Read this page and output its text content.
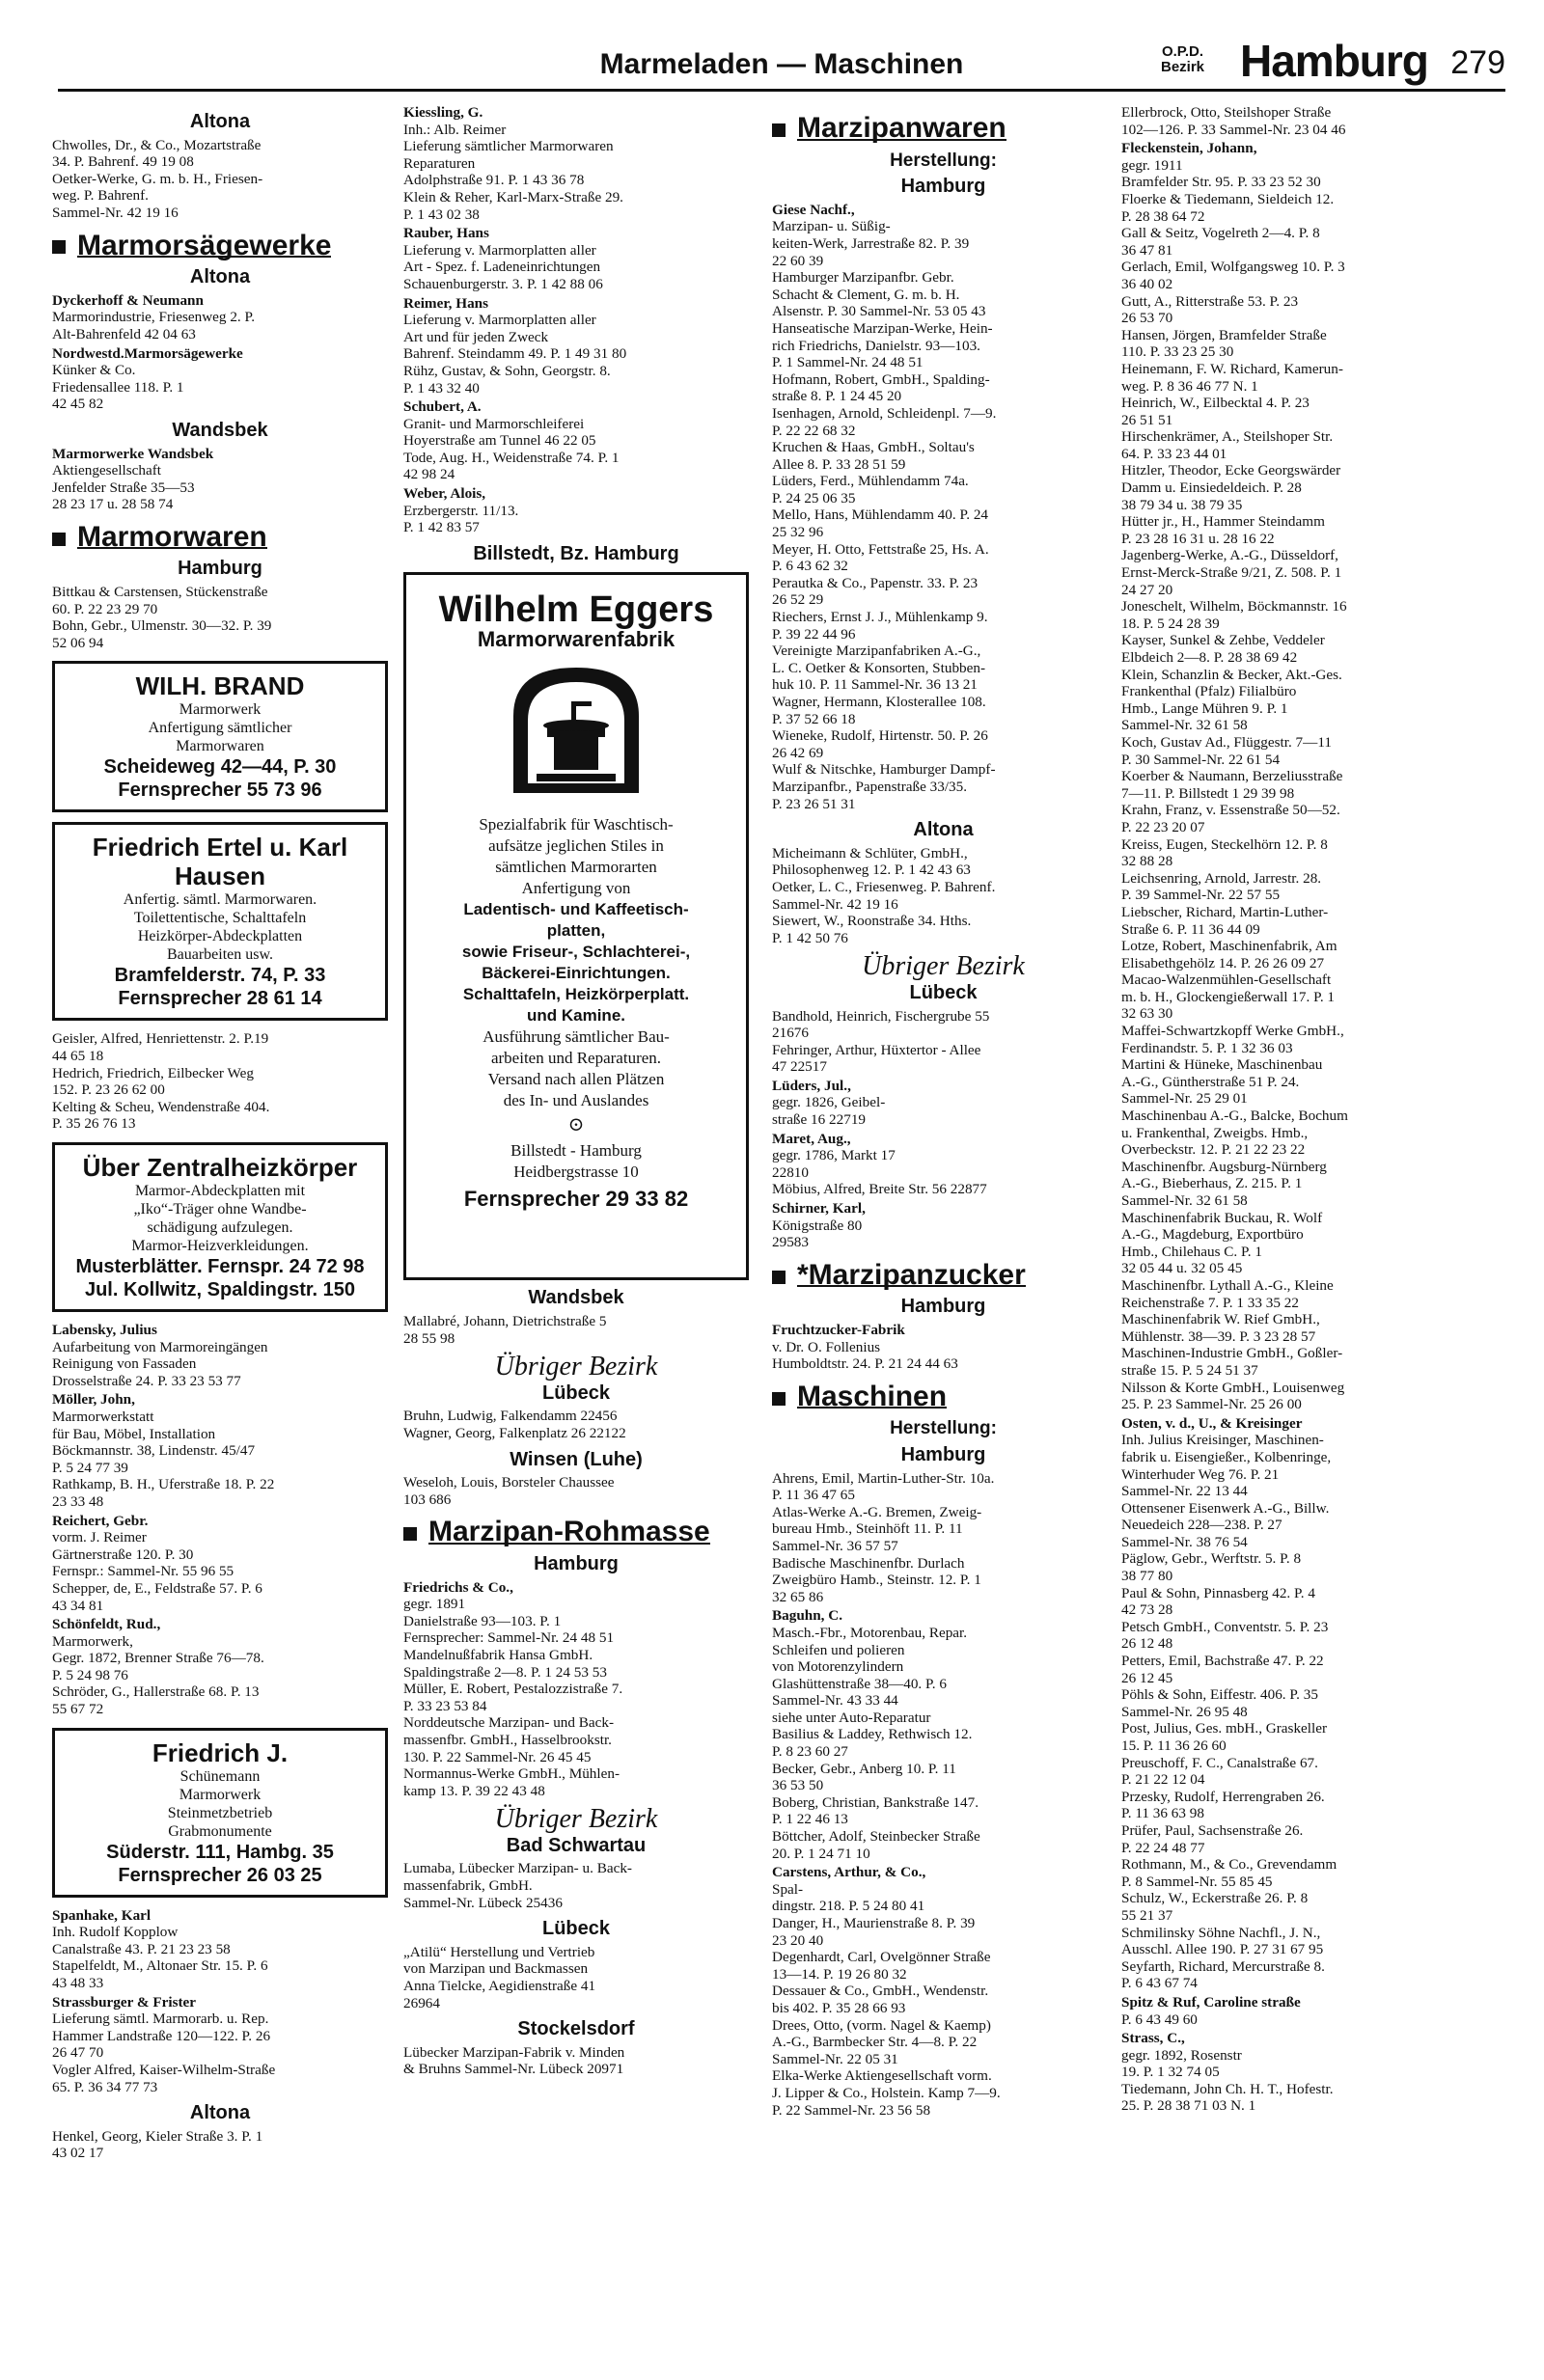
Marmeladen — Maschinen	O.P.D.
Bezirk Hamburg 279
Altona
Chwolles, Dr., & Co., Mozartstraße
34. P. Bahrenf. 49 19 08
Oetker-Werke, G. m. b. H., Friesen-
weg. P. Bahrenf.
Sammel-Nr. 42 19 16
Marmorsägewerke
Altona
Dyckerhoff & Neumann
Marmorindustrie, Friesenweg 2. P.
Alt-Bahrenfeld 42 04 63
Nordwestd.Marmorsägewerke
Künker & Co.
Friedensallee 118. P. 1
42 45 82
Wandsbek
Marmorwerke Wandsbek
Aktiengesellschaft
Jenfelder Straße 35—53
28 23 17 u. 28 58 74
Marmorwaren
Hamburg
Bittkau & Carstensen, Stückenstraße
60. P. 22 23 29 70
Bohn, Gebr., Ulmenstr. 30—32. P. 39
52 06 94
WILH. BRAND
Marmorwerk
Anfertigung sämtlicher
Marmorwaren
Scheideweg 42—44, P. 30
Fernsprecher 55 73 96
Friedrich Ertel u. Karl Hausen
Anfertig. sämtl. Marmorwaren.
Toilettentische, Schalttafeln
Heizkörper-Abdeckplatten
Bauarbeiten usw.
Bramfelderstr. 74, P. 33
Fernsprecher 28 61 14
Geisler, Alfred, Henriettenstr. 2. P.19
44 65 18
Hedrich, Friedrich, Eilbecker Weg
152. P. 23 26 62 00
Kelting & Scheu, Wendenstraße 404.
P. 35 26 76 13
Über Zentralheizkörper
Marmor-Abdeckplatten mit
„Iko“-Träger ohne Wandbe-
schädigung aufzulegen.
Marmor-Heizverkleidungen.
Musterblätter. Fernspr. 24 72 98
Jul. Kollwitz, Spaldingstr. 150
Labensky, Julius
Aufarbeitung von Marmoreingängen
Reinigung von Fassaden
Drosselstraße 24. P. 33 23 53 77
Möller, John,
Marmorwerkstatt
für Bau, Möbel, Installation
Böckmannstr. 38, Lindenstr. 45/47
P. 5 24 77 39
Rathkamp, B. H., Uferstraße 18. P. 22
23 33 48
Reichert, Gebr.
vorm. J. Reimer
Gärtnerstraße 120. P. 30
Fernspr.: Sammel-Nr. 55 96 55
Schepper, de, E., Feldstraße 57. P. 6
43 34 81
Schönfeldt, Rud.,
Marmorwerk,
Gegr. 1872, Brenner Straße 76—78.
P. 5 24 98 76
Schröder, G., Hallerstraße 68. P. 13
55 67 72
Friedrich J.
Schünemann
Marmorwerk
Steinmetzbetrieb
Grabmonumente
Süderstr. 111, Hambg. 35
Fernsprecher 26 03 25
Spanhake, Karl
Inh. Rudolf Kopplow
Canalstraße 43. P. 21 23 23 58
Stapelfeldt, M., Altonaer Str. 15. P. 6
43 48 33
Strassburger & Frister
Lieferung sämtl. Marmorarb. u. Rep.
Hammer Landstraße 120—122. P. 26
26 47 70
Vogler Alfred, Kaiser-Wilhelm-Straße
65. P. 36 34 77 73
Altona
Henkel, Georg, Kieler Straße 3. P. 1
43 02 17
Kiessling, G.
Inh.: Alb. Reimer
Lieferung sämtlicher Marmorwaren
Reparaturen
Adolphstraße 91. P. 1 43 36 78
Klein & Reher, Karl-Marx-Straße 29.
P. 1 43 02 38
Rauber, Hans
Lieferung v. Marmorplatten aller
Art - Spez. f. Ladeneinrichtungen
Schauenburgerstr. 3. P. 1 42 88 06
Reimer, Hans
Lieferung v. Marmorplatten aller
Art und für jeden Zweck
Bahrenf. Steindamm 49. P. 1 49 31 80
Rühz, Gustav, & Sohn, Georgstr. 8.
P. 1 43 32 40
Schubert, A.
Granit- und Marmorschleiferei
Hoyerstraße am Tunnel 46 22 05
Tode, Aug. H., Weidenstraße 74. P. 1
42 98 24
Weber, Alois,
Erzbergerstr. 11/13.
P. 1 42 83 57
Billstedt, Bz. Hamburg
Wilhelm Eggers
Marmorwarenfabrik
Spezialfabrik für Waschtisch-
aufsätze jeglichen Stiles in
sämtlichen Marmorarten
Anfertigung von
Ladentisch- und Kaffeetisch-
platten,
sowie Friseur-, Schlachterei-,
Bäckerei-Einrichtungen.
Schalttafeln, Heizkörperplatt.
und Kamine.
Ausführung sämtlicher Bau-
arbeiten und Reparaturen.
Versand nach allen Plätzen
des In- und Auslandes
⊙
Billstedt - Hamburg
Heidbergstrasse 10
Fernsprecher 29 33 82
Wandsbek
Mallabré, Johann, Dietrichstraße 5
28 55 98
Übriger Bezirk
Lübeck
Bruhn, Ludwig, Falkendamm 22456
Wagner, Georg, Falkenplatz 26 22122
Winsen (Luhe)
Weseloh, Louis, Borsteler Chaussee
103 686
Marzipan-Rohmasse
Hamburg
Friedrichs & Co.,
gegr. 1891
Danielstraße 93—103. P. 1
Fernsprecher: Sammel-Nr. 24 48 51
Mandelnußfabrik Hansa GmbH.
Spaldingstraße 2—8. P. 1 24 53 53
Müller, E. Robert, Pestalozzistraße 7.
P. 33 23 53 84
Norddeutsche Marzipan- und Back-
massenfbr. GmbH., Hasselbrookstr.
130. P. 22 Sammel-Nr. 26 45 45
Normannus-Werke GmbH., Mühlen-
kamp 13. P. 39 22 43 48
Übriger Bezirk
Bad Schwartau
Lumaba, Lübecker Marzipan- u. Back-
massenfabrik, GmbH.
Sammel-Nr. Lübeck 25436
Lübeck
„Atilü“ Herstellung und Vertrieb
von Marzipan und Backmassen
Anna Tielcke, Aegidienstraße 41
26964
Stockelsdorf
Lübecker Marzipan-Fabrik v. Minden
& Bruhns Sammel-Nr. Lübeck 20971
Marzipanwaren
Herstellung:
Hamburg
Giese Nachf.,
Marzipan- u. Süßig-
keiten-Werk, Jarrestraße 82. P. 39
22 60 39
Hamburger Marzipanfbr. Gebr.
Schacht & Clement, G. m. b. H.
Alsenstr. P. 30 Sammel-Nr. 53 05 43
Hanseatische Marzipan-Werke, Hein-
rich Friedrichs, Danielstr. 93—103.
P. 1 Sammel-Nr. 24 48 51
Hofmann, Robert, GmbH., Spalding-
straße 8. P. 1 24 45 20
Isenhagen, Arnold, Schleidenpl. 7—9.
P. 22 22 68 32
Kruchen & Haas, GmbH., Soltau's
Allee 8. P. 33 28 51 59
Lüders, Ferd., Mühlendamm 74a.
P. 24 25 06 35
Mello, Hans, Mühlendamm 40. P. 24
25 32 96
Meyer, H. Otto, Fettstraße 25, Hs. A.
P. 6 43 62 32
Perautka & Co., Papenstr. 33. P. 23
26 52 29
Riechers, Ernst J. J., Mühlenkamp 9.
P. 39 22 44 96
Vereinigte Marzipanfabriken A.-G.,
L. C. Oetker & Konsorten, Stubben-
huk 10. P. 11 Sammel-Nr. 36 13 21
Wagner, Hermann, Klosterallee 108.
P. 37 52 66 18
Wieneke, Rudolf, Hirtenstr. 50. P. 26
26 42 69
Wulf & Nitschke, Hamburger Dampf-
Marzipanfbr., Papenstraße 33/35.
P. 23 26 51 31
Altona
Micheimann & Schlüter, GmbH.,
Philosophenweg 12. P. 1 42 43 63
Oetker, L. C., Friesenweg. P. Bahrenf.
Sammel-Nr. 42 19 16
Siewert, W., Roonstraße 34. Hths.
P. 1 42 50 76
Übriger Bezirk
Lübeck
Bandhold, Heinrich, Fischergrube 55
21676
Fehringer, Arthur, Hüxtertor - Allee
47 22517
Lüders, Jul.,
gegr. 1826, Geibel-
straße 16 22719
Maret, Aug.,
gegr. 1786, Markt 17
22810
Möbius, Alfred, Breite Str. 56 22877
Schirner, Karl,
Königstraße 80
29583
*Marzipanzucker
Hamburg
Fruchtzucker-Fabrik
v. Dr. O. Follenius
Humboldtstr. 24. P. 21 24 44 63
Maschinen
Herstellung:
Hamburg
Ahrens, Emil, Martin-Luther-Str. 10a.
P. 11 36 47 65
Atlas-Werke A.-G. Bremen, Zweig-
bureau Hmb., Steinhöft 11. P. 11
Sammel-Nr. 36 57 57
Badische Maschinenfbr. Durlach
Zweigbüro Hamb., Steinstr. 12. P. 1
32 65 86
Baguhn, C.
Masch.-Fbr., Motorenbau, Repar.
Schleifen und polieren
von Motorenzylindern
Glashüttenstraße 38—40. P. 6
Sammel-Nr. 43 33 44
siehe unter Auto-Reparatur
Basilius & Laddey, Rethwisch 12.
P. 8 23 60 27
Becker, Gebr., Anberg 10. P. 11
36 53 50
Boberg, Christian, Bankstraße 147.
P. 1 22 46 13
Böttcher, Adolf, Steinbecker Straße
20. P. 1 24 71 10
Carstens, Arthur, & Co.,
Spal-
dingstr. 218. P. 5 24 80 41
Danger, H., Maurienstraße 8. P. 39
23 20 40
Degenhardt, Carl, Ovelgönner Straße
13—14. P. 19 26 80 32
Dessauer & Co., GmbH., Wendenstr.
bis 402. P. 35 28 66 93
Drees, Otto, (vorm. Nagel & Kaemp)
A.-G., Barmbecker Str. 4—8. P. 22
Sammel-Nr. 22 05 31
Elka-Werke Aktiengesellschaft vorm.
J. Lipper & Co., Holstein. Kamp 7—9.
P. 22 Sammel-Nr. 23 56 58
Ellerbrock, Otto, Steilshoper Straße
102—126. P. 33 Sammel-Nr. 23 04 46
Fleckenstein, Johann,
gegr. 1911
Bramfelder Str. 95. P. 33 23 52 30
Floerke & Tiedemann, Sieldeich 12.
P. 28 38 64 72
Gall & Seitz, Vogelreth 2—4. P. 8
36 47 81
Gerlach, Emil, Wolfgangsweg 10. P. 3
36 40 02
Gutt, A., Ritterstraße 53. P. 23
26 53 70
Hansen, Jörgen, Bramfelder Straße
110. P. 33 23 25 30
Heinemann, F. W. Richard, Kamerun-
weg. P. 8 36 46 77 N. 1
Heinrich, W., Eilbecktal 4. P. 23
26 51 51
Hirschenkrämer, A., Steilshoper Str.
64. P. 33 23 44 01
Hitzler, Theodor, Ecke Georgswärder
Damm u. Einsiedeldeich. P. 28
38 79 34 u. 38 79 35
Hütter jr., H., Hammer Steindamm
P. 23 28 16 31 u. 28 16 22
Jagenberg-Werke, A.-G., Düsseldorf,
Ernst-Merck-Straße 9/21, Z. 508. P. 1
24 27 20
Joneschelt, Wilhelm, Böckmannstr. 16
18. P. 5 24 28 39
Kayser, Sunkel & Zehbe, Veddeler
Elbdeich 2—8. P. 28 38 69 42
Klein, Schanzlin & Becker, Akt.-Ges.
Frankenthal (Pfalz) Filialbüro
Hmb., Lange Mühren 9. P. 1
Sammel-Nr. 32 61 58
Koch, Gustav Ad., Flüggestr. 7—11
P. 30 Sammel-Nr. 22 61 54
Koerber & Naumann, Berzeliusstraße
7—11. P. Billstedt 1 29 39 98
Krahn, Franz, v. Essenstraße 50—52.
P. 22 23 20 07
Kreiss, Eugen, Steckelhörn 12. P. 8
32 88 28
Leichsenring, Arnold, Jarrestr. 28.
P. 39 Sammel-Nr. 22 57 55
Liebscher, Richard, Martin-Luther-
Straße 6. P. 11 36 44 09
Lotze, Robert, Maschinenfabrik, Am
Elisabethgehölz 14. P. 26 26 09 27
Macao-Walzenmühlen-Gesellschaft
m. b. H., Glockengießerwall 17. P. 1
32 63 30
Maffei-Schwartzkopff Werke GmbH.,
Ferdinandstr. 5. P. 1 32 36 03
Martini & Hüneke, Maschinenbau
A.-G., Güntherstraße 51 P. 24.
Sammel-Nr. 25 29 01
Maschinenbau A.-G., Balcke, Bochum
u. Frankenthal, Zweigbs. Hmb.,
Overbeckstr. 12. P. 21 22 23 22
Maschinenfbr. Augsburg-Nürnberg
A.-G., Bieberhaus, Z. 215. P. 1
Sammel-Nr. 32 61 58
Maschinenfabrik Buckau, R. Wolf
A.-G., Magdeburg, Exportbüro
Hmb., Chilehaus C. P. 1
32 05 44 u. 32 05 45
Maschinenfbr. Lythall A.-G., Kleine
Reichenstraße 7. P. 1 33 35 22
Maschinenfabrik W. Rief GmbH.,
Mühlenstr. 38—39. P. 3 23 28 57
Maschinen-Industrie GmbH., Goßler-
straße 15. P. 5 24 51 37
Nilsson & Korte GmbH., Louisenweg
25. P. 23 Sammel-Nr. 25 26 00
Osten, v. d., U., & Kreisinger
Inh. Julius Kreisinger, Maschinen-
fabrik u. Eisengießer., Kolbenringe,
Winterhuder Weg 76. P. 21
Sammel-Nr. 22 13 44
Ottensener Eisenwerk A.-G., Billw.
Neuedeich 228—238. P. 27
Sammel-Nr. 38 76 54
Päglow, Gebr., Werftstr. 5. P. 8
38 77 80
Paul & Sohn, Pinnasberg 42. P. 4
42 73 28
Petsch GmbH., Conventstr. 5. P. 23
26 12 48
Petters, Emil, Bachstraße 47. P. 22
26 12 45
Pöhls & Sohn, Eiffestr. 406. P. 35
Sammel-Nr. 26 95 48
Post, Julius, Ges. mbH., Graskeller
15. P. 11 36 26 60
Preuschoff, F. C., Canalstraße 67.
P. 21 22 12 04
Przesky, Rudolf, Herrengraben 26.
P. 11 36 63 98
Prüfer, Paul, Sachsenstraße 26.
P. 22 24 48 77
Rothmann, M., & Co., Grevendamm
P. 8 Sammel-Nr. 55 85 45
Schulz, W., Eckerstraße 26. P. 8
55 21 37
Schmilinsky Söhne Nachfl., J. N.,
Ausschl. Allee 190. P. 27 31 67 95
Seyfarth, Richard, Mercurstraße 8.
P. 6 43 67 74
Spitz & Ruf, Caroline straße
P. 6 43 49 60
Strass, C.,
gegr. 1892, Rosenstr
19. P. 1 32 74 05
Tiedemann, John Ch. H. T., Hofestr.
25. P. 28 38 71 03 N. 1
